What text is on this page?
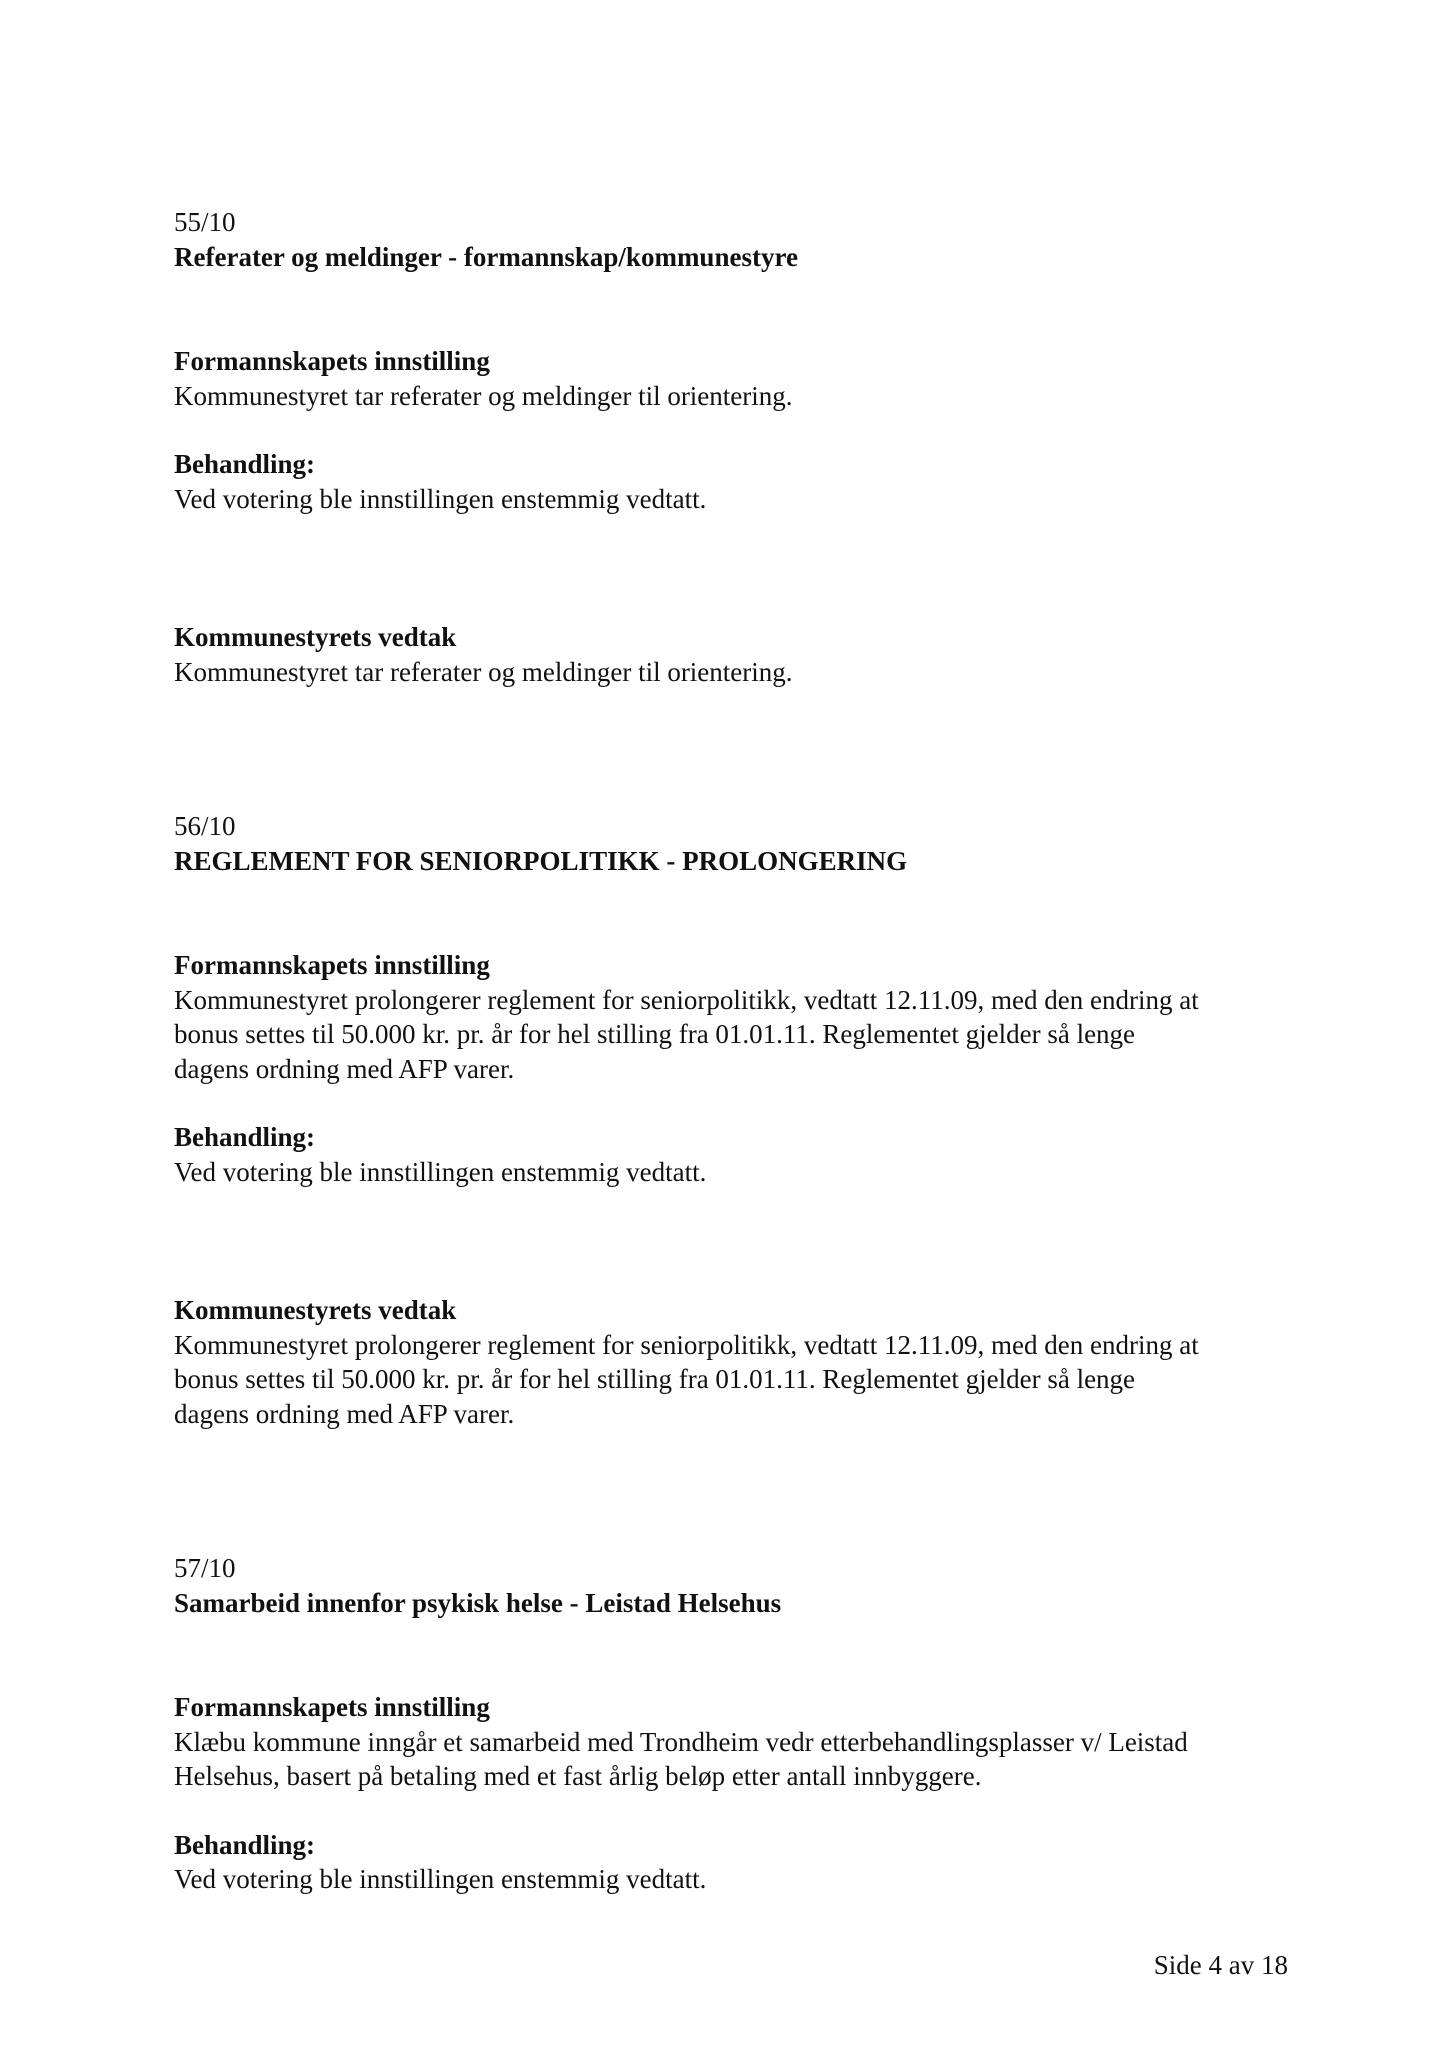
55/10
Referater og meldinger - formannskap/kommunestyre
Formannskapets innstilling
Kommunestyret tar referater og meldinger til orientering.
Behandling:
Ved votering ble innstillingen enstemmig vedtatt.
Kommunestyrets vedtak
Kommunestyret tar referater og meldinger til orientering.
56/10
REGLEMENT FOR SENIORPOLITIKK - PROLONGERING
Formannskapets innstilling
Kommunestyret prolongerer reglement for seniorpolitikk, vedtatt 12.11.09, med den endring at
bonus settes til 50.000 kr. pr. år for hel stilling fra 01.01.11. Reglementet gjelder så lenge
dagens ordning med AFP varer.
Behandling:
Ved votering ble innstillingen enstemmig vedtatt.
Kommunestyrets vedtak
Kommunestyret prolongerer reglement for seniorpolitikk, vedtatt 12.11.09, med den endring at
bonus settes til 50.000 kr. pr. år for hel stilling fra 01.01.11. Reglementet gjelder så lenge
dagens ordning med AFP varer.
57/10
Samarbeid innenfor psykisk helse - Leistad Helsehus
Formannskapets innstilling
Klæbu kommune inngår et samarbeid med Trondheim vedr etterbehandlingsplasser v/ Leistad
Helsehus, basert på betaling med et fast årlig beløp etter antall innbyggere.
Behandling:
Ved votering ble innstillingen enstemmig vedtatt.
Side 4 av 18
